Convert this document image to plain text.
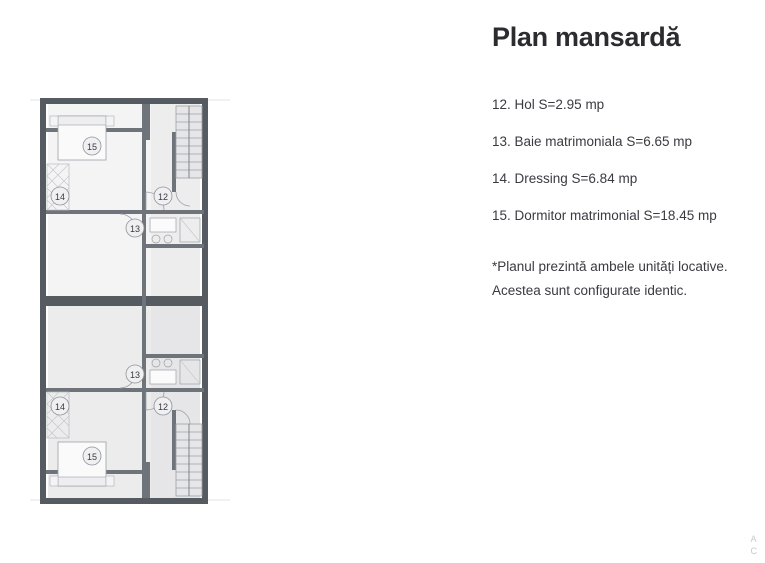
15
14	12
13
15
14	12
13
Plan mansardă
12. Hol S=2.95 mp
13. Baie matrimoniala S=6.65 mp
14. Dressing S=6.84 mp
15. Dormitor matrimonial S=18.45 mp
*Planul prezintă ambele unități locative.
Acestea sunt configurate identic.
A
C
